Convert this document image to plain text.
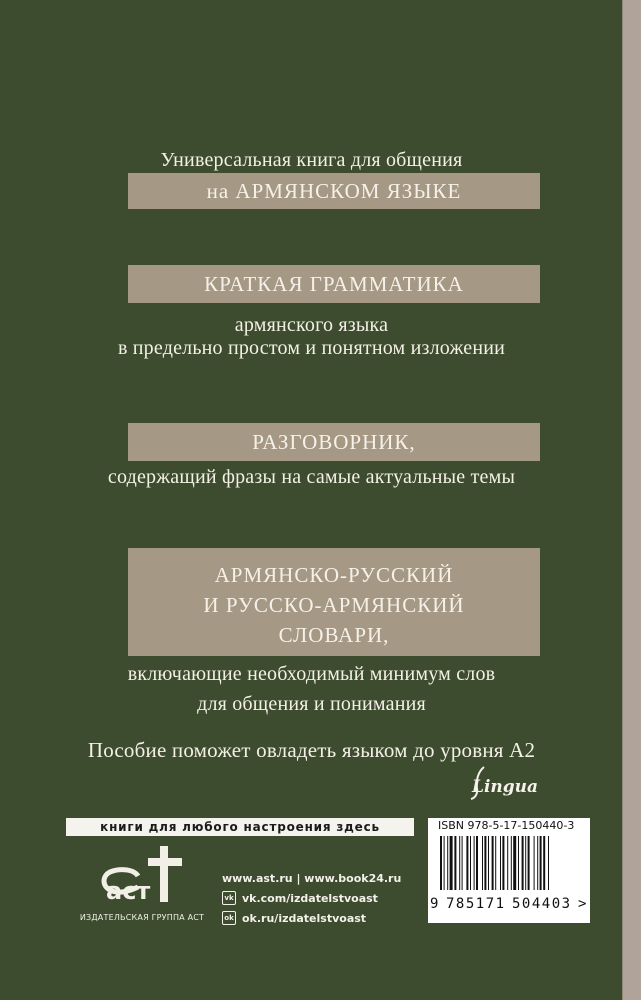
Универсальная книга для общения
на АРМЯНСКОМ ЯЗЫКЕ
КРАТКАЯ ГРАММАТИКА
армянского языка
в предельно простом и понятном изложении
РАЗГОВОРНИК,
содержащий фразы на самые актуальные темы
АРМЯНСКО-РУССКИЙ
И РУССКО-АРМЯНСКИЙ
СЛОВАРИ,
включающие необходимый минимум слов
для общения и понимания
Пособие поможет овладеть языком до уровня А2
Lingua
книги для любого настроения здесь
аст
ИЗДАТЕЛЬСКАЯ ГРУППА АСТ
www.ast.ru | www.book24.ru
vk vk.com/izdatelstvoast
ok ok.ru/izdatelstvoast
ISBN 978-5-17-150440-3
9 785171 504403 >
